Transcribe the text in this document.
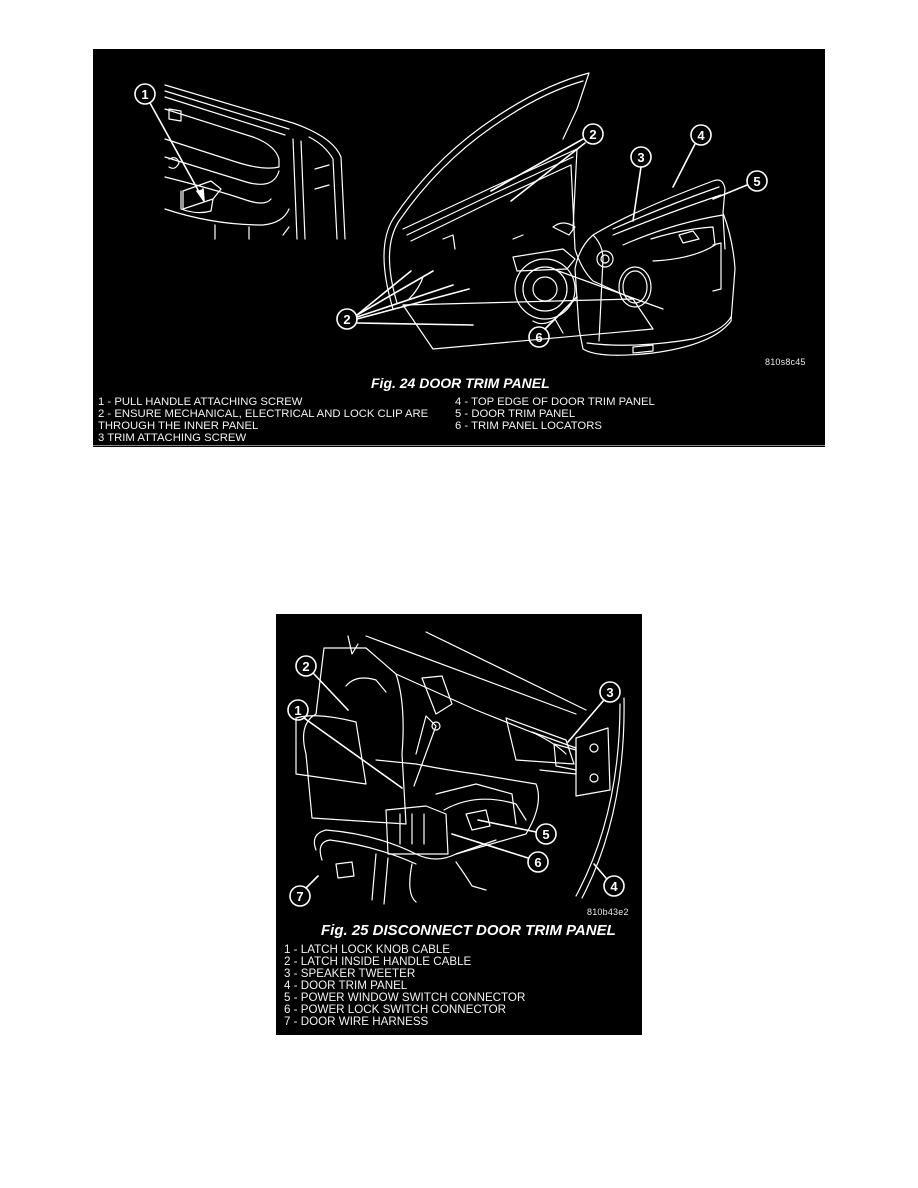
1
2
2
3
4
5
6
810s8c45
Fig. 24 DOOR TRIM PANEL
1 - PULL HANDLE ATTACHING SCREW
2 - ENSURE MECHANICAL, ELECTRICAL AND LOCK CLIP ARE
THROUGH THE INNER PANEL
3 TRIM ATTACHING SCREW
4 - TOP EDGE OF DOOR TRIM PANEL
5 - DOOR TRIM PANEL
6 - TRIM PANEL LOCATORS
1
2
3
4
5
6
7
810b43e2
Fig. 25 DISCONNECT DOOR TRIM PANEL
1 - LATCH LOCK KNOB CABLE
2 - LATCH INSIDE HANDLE CABLE
3 - SPEAKER TWEETER
4 - DOOR TRIM PANEL
5 - POWER WINDOW SWITCH CONNECTOR
6 - POWER LOCK SWITCH CONNECTOR
7 - DOOR WIRE HARNESS
